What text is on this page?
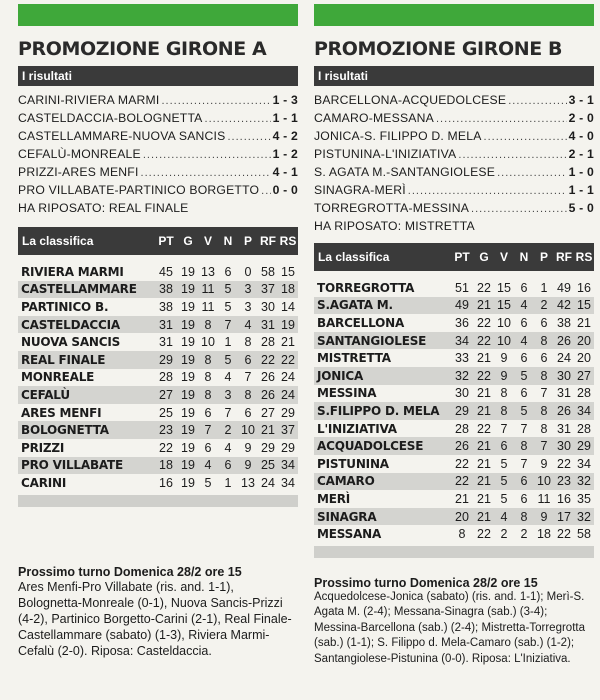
PROMOZIONE GIRONE A
I risultati
CARINI-RIVIERA MARMI .....	1 - 3
CASTELDACCIA-BOLOGNETTA .....	1 - 1
CASTELLAMMARE-NUOVA SANCIS .....	4 - 2
CEFALÙ-MONREALE .....	1 - 2
PRIZZI-ARES MENFI .....	4 - 1
PRO VILLABATE-PARTINICO BORGETTO ..... 0 - 0
HA RIPOSATO: REAL FINALE
La classifica	PT G V N P RF RS
RIVIERA MARMI	45 19 13 6	0 58 15
CASTELLAMMARE	38 19 11 5	3 37 18
PARTINICO B.	38 19 11 5	3 30 14
CASTELDACCIA	31 19 8	7	4 31 19
NUOVA SANCIS	31 19 10 1	8 28 21
REAL FINALE	29 19 8	5	6 22 22
MONREALE	28 19 8	4	7 26 24
CEFALÙ	27 19 8	3	8 26 24
ARES MENFI	25 19 6	7	6 27 29
BOLOGNETTA	23 19 7	2 10 21 37
PRIZZI	22 19 6	4	9 29 29
PRO VILLABATE	18 19 4	6	9 25 34
CARINI	16 19 5	1 13 24 34
Prossimo turno Domenica 28/2 ore 15
Ares Menfi-Pro Villabate (ris. and. 1-1), Bolognetta-Monreale (0-1), Nuova Sancis-Prizzi (4-2), Partinico Borgetto-Carini (2-1), Real Finale-Castellammare (sabato) (1-3), Riviera Marmi-Cefalù (2-0). Riposa: Casteldaccia.
PROMOZIONE GIRONE B
I risultati
BARCELLONA-ACQUEDOLCESE .....	3 - 1
CAMARO-MESSANA .....	2 - 0
JONICA-S. FILIPPO D. MELA .....	4 - 0
PISTUNINA-L'INIZIATIVA .....	2 - 1
S. AGATA M.-SANTANGIOLESE .....	1 - 0
SINAGRA-MERÌ .....	1 - 1
TORREGROTTA-MESSINA .....	5 - 0
HA RIPOSATO: MISTRETTA
La classifica	PT G V N P RF RS
TORREGROTTA	51 22 15 6	1 49 16
S.AGATA M.	49 21 15 4	2 42 15
BARCELLONA	36 22 10 6	6 38 21
SANTANGIOLESE	34 22 10 4	8 26 20
MISTRETTA	33 21 9	6	6 24 20
JONICA	32 22 9	5	8 30 27
MESSINA	30 21 8	6	7 31 28
S.FILIPPO D. MELA	29 21 8	5	8 26 34
L'INIZIATIVA	28 22 7	7	8 31 28
ACQUADOLCESE	26 21 6	8	7 30 29
PISTUNINA	22 21 5	7	9 22 34
CAMARO	22 21 5	6 10 23 32
MERÌ	21 21 5	6 11 16 35
SINAGRA	20 21 4	8	9 17 32
MESSANA	8 22 2	2 18 22 58
Prossimo turno Domenica 28/2 ore 15
Acquedolcese-Jonica (sabato) (ris. and. 1-1); Merì-S. Agata M. (2-4); Messana-Sinagra (sab.) (3-4); Messina-Barcellona (sab.) (2-4); Mistretta-Torregrotta (sab.) (1-1); S. Filippo d. Mela-Camaro (sab.) (1-2); Santangiolese-Pistunina (0-0). Riposa: L'Iniziativa.
